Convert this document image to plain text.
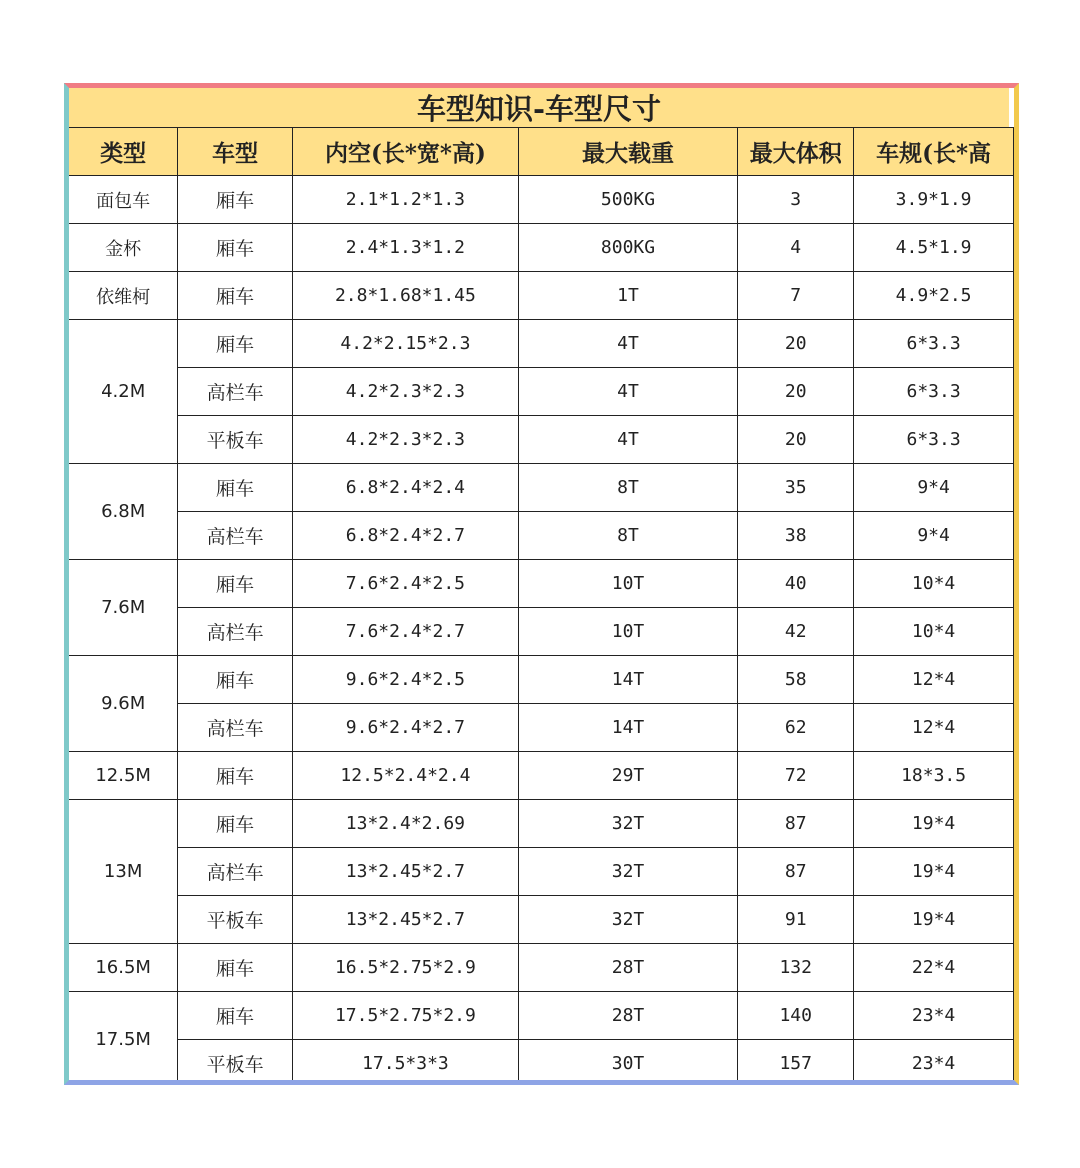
车型知识-车型尺寸
类型	车型	内空(长*宽*高)	最大载重	最大体积	车规(长*高
面包车	厢车	2.1*1.2*1.3	500KG	3	3.9*1.9
金杯	厢车	2.4*1.3*1.2	800KG	4	4.5*1.9
依维柯	厢车	2.8*1.68*1.45	1T	7	4.9*2.5
4.2M	厢车	4.2*2.15*2.3	4T	20	6*3.3
	高栏车	4.2*2.3*2.3	4T	20	6*3.3
	平板车	4.2*2.3*2.3	4T	20	6*3.3
6.8M	厢车	6.8*2.4*2.4	8T	35	9*4
	高栏车	6.8*2.4*2.7	8T	38	9*4
7.6M	厢车	7.6*2.4*2.5	10T	40	10*4
	高栏车	7.6*2.4*2.7	10T	42	10*4
9.6M	厢车	9.6*2.4*2.5	14T	58	12*4
	高栏车	9.6*2.4*2.7	14T	62	12*4
12.5M	厢车	12.5*2.4*2.4	29T	72	18*3.5
13M	厢车	13*2.4*2.69	32T	87	19*4
	高栏车	13*2.45*2.7	32T	87	19*4
	平板车	13*2.45*2.7	32T	91	19*4
16.5M	厢车	16.5*2.75*2.9	28T	132	22*4
17.5M	厢车	17.5*2.75*2.9	28T	140	23*4
	平板车	17.5*3*3	30T	157	23*4
